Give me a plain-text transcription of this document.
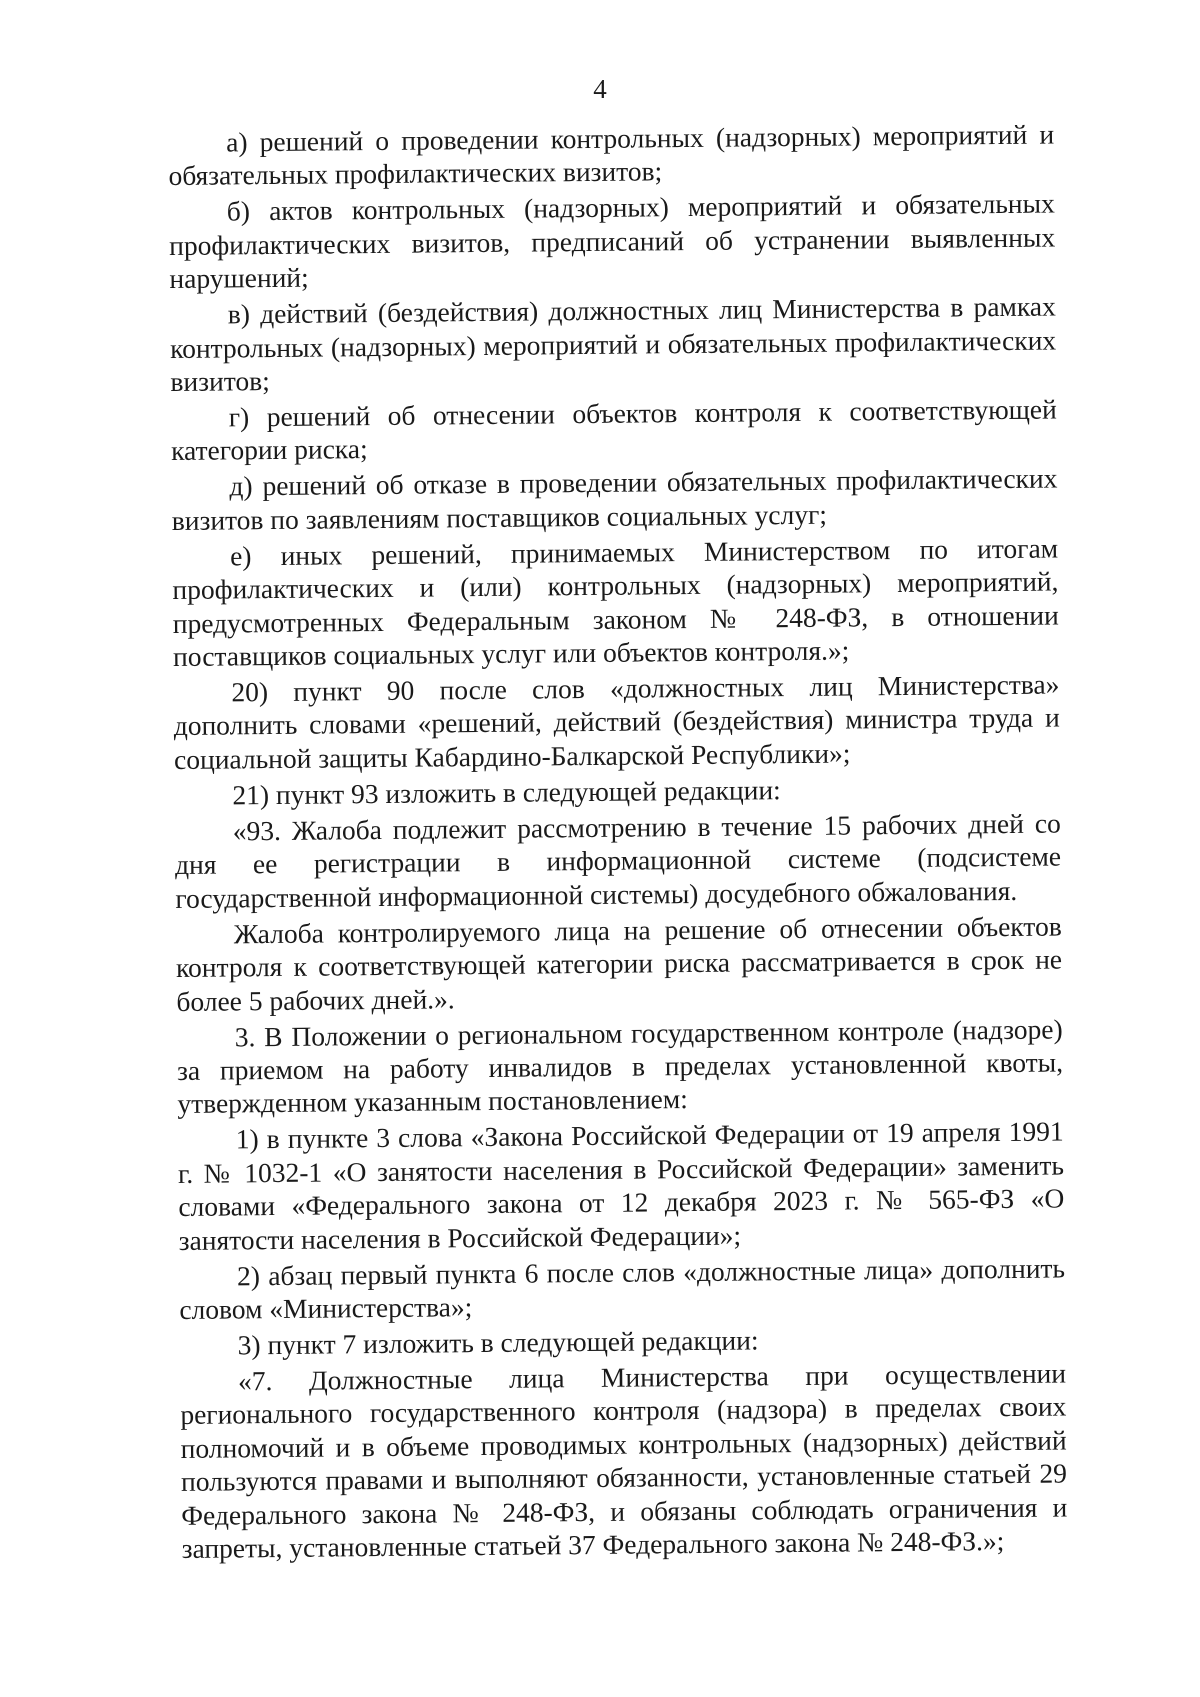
4

а) решений о проведении контрольных (надзорных) мероприятий и обязательных профилактических визитов;

б) актов контрольных (надзорных) мероприятий и обязательных профилактических визитов, предписаний об устранении выявленных нарушений;

в) действий (бездействия) должностных лиц Министерства в рамках контрольных (надзорных) мероприятий и обязательных профилактических визитов;

г) решений об отнесении объектов контроля к соответствующей категории риска;

д) решений об отказе в проведении обязательных профилактических визитов по заявлениям поставщиков социальных услуг;

е) иных решений, принимаемых Министерством по итогам профилактических и (или) контрольных (надзорных) мероприятий, предусмотренных Федеральным законом № 248-ФЗ, в отношении поставщиков социальных услуг или объектов контроля.»;

20) пункт 90 после слов «должностных лиц Министерства» дополнить словами «решений, действий (бездействия) министра труда и социальной защиты Кабардино-Балкарской Республики»;

21) пункт 93 изложить в следующей редакции:

«93. Жалоба подлежит рассмотрению в течение 15 рабочих дней со дня ее регистрации в информационной системе (подсистеме государственной информационной системы) досудебного обжалования.

Жалоба контролируемого лица на решение об отнесении объектов контроля к соответствующей категории риска рассматривается в срок не более 5 рабочих дней.».

3. В Положении о региональном государственном контроле (надзоре) за приемом на работу инвалидов в пределах установленной квоты, утвержденном указанным постановлением:

1) в пункте 3 слова «Закона Российской Федерации от 19 апреля 1991 г. № 1032-1 «О занятости населения в Российской Федерации» заменить словами «Федерального закона от 12 декабря 2023 г. № 565-ФЗ «О занятости населения в Российской Федерации»;

2) абзац первый пункта 6 после слов «должностные лица» дополнить словом «Министерства»;

3) пункт 7 изложить в следующей редакции:

«7. Должностные лица Министерства при осуществлении регионального государственного контроля (надзора) в пределах своих полномочий и в объеме проводимых контрольных (надзорных) действий пользуются правами и выполняют обязанности, установленные статьей 29 Федерального закона № 248-ФЗ, и обязаны соблюдать ограничения и запреты, установленные статьей 37 Федерального закона № 248-ФЗ.»;
